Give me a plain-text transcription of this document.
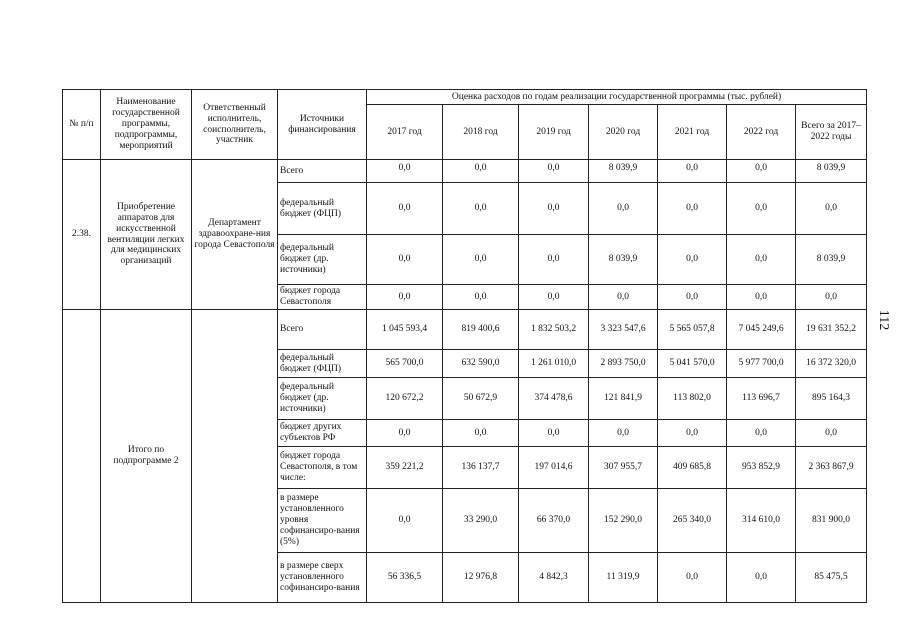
112
№ п/п	Наименование государственной программы, подпрограммы, мероприятий	Ответственный исполнитель, соисполнитель, участник	Источники финансирования	Оценка расходов по годам реализации государственной программы (тыс. рублей)						
				2017 год	2018 год	2019 год	2020 год	2021 год	2022 год	Всего за 2017–2022 годы
2.38.	Приобретение аппаратов для искусственной вентиляции легких для медицинских организаций	Департамент здравоохране-ния города Севастополя	Всего	0,0	0,0	0,0	8 039,9	0,0	0,0	8 039,9
			федеральный бюджет (ФЦП)	0,0	0,0	0,0	0,0	0,0	0,0	0,0
			федеральный бюджет (др. источники)	0,0	0,0	0,0	8 039,9	0,0	0,0	8 039,9
			бюджет города Севастополя	0,0	0,0	0,0	0,0	0,0	0,0	0,0
	Итого по подпрограмме 2		Всего	1 045 593,4	819 400,6	1 832 503,2	3 323 547,6	5 565 057,8	7 045 249,6	19 631 352,2
			федеральный бюджет (ФЦП)	565 700,0	632 590,0	1 261 010,0	2 893 750,0	5 041 570,0	5 977 700,0	16 372 320,0
			федеральный бюджет (др. источники)	120 672,2	50 672,9	374 478,6	121 841,9	113 802,0	113 696,7	895 164,3
			бюджет других субъектов РФ	0,0	0,0	0,0	0,0	0,0	0,0	0,0
			бюджет города Севастополя, в том числе:	359 221,2	136 137,7	197 014,6	307 955,7	409 685,8	953 852,9	2 363 867,9
			в размере установленного уровня софинансиро-вания (5%)	0,0	33 290,0	66 370,0	152 290,0	265 340,0	314 610,0	831 900,0
			в размере сверх установленного софинансиро-вания	56 336,5	12 976,8	4 842,3	11 319,9	0,0	0,0	85 475,5
